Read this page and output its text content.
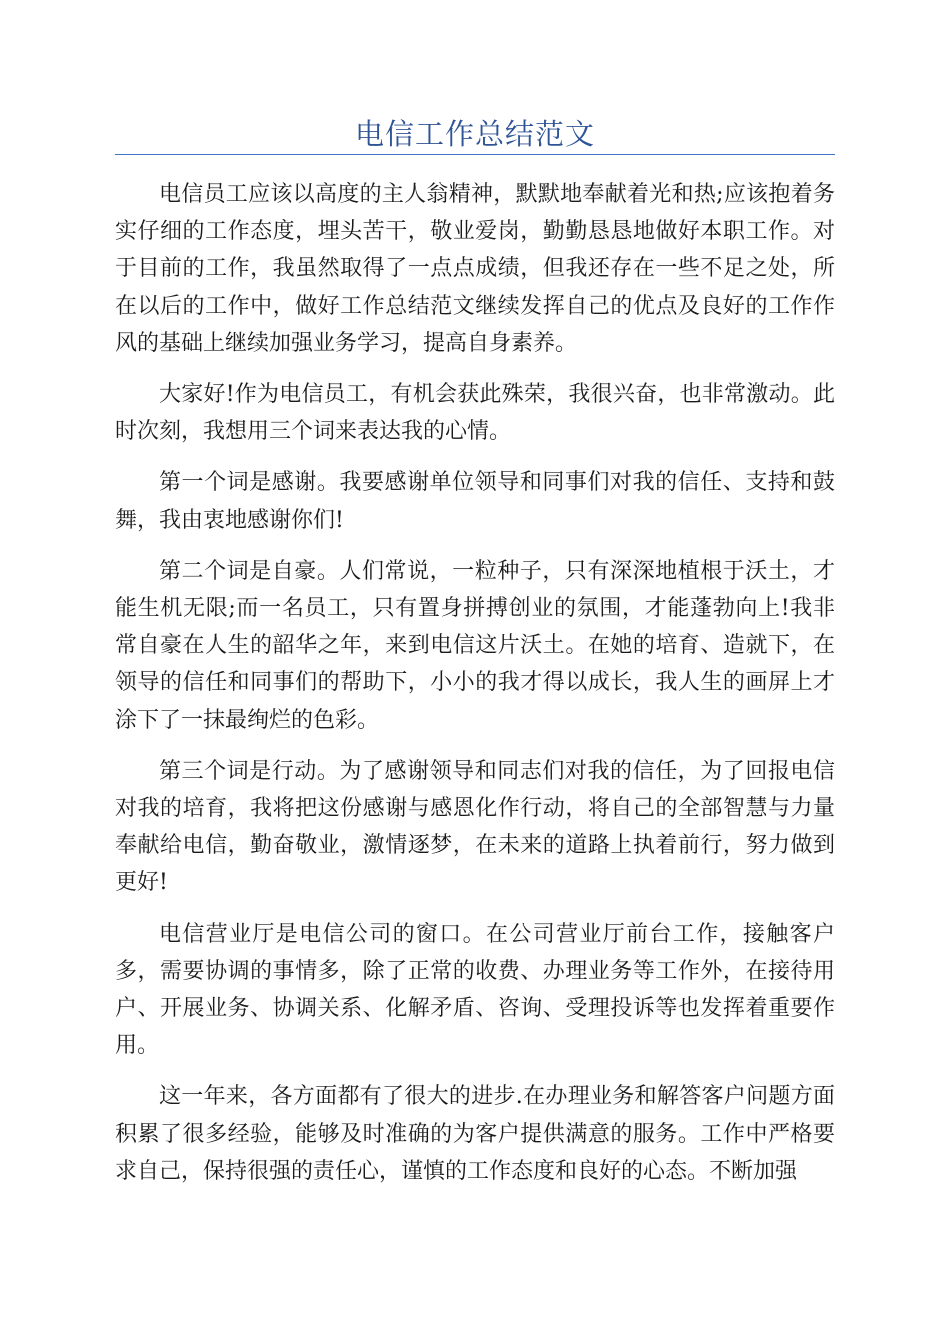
电信工作总结范文

电信员工应该以高度的主人翁精神，默默地奉献着光和热;应该抱着务实仔细的工作态度，埋头苦干，敬业爱岗，勤勤恳恳地做好本职工作。对于目前的工作，我虽然取得了一点点成绩，但我还存在一些不足之处，所在以后的工作中，做好工作总结范文继续发挥自己的优点及良好的工作作风的基础上继续加强业务学习，提高自身素养。

大家好!作为电信员工，有机会获此殊荣，我很兴奋，也非常激动。此时次刻，我想用三个词来表达我的心情。

第一个词是感谢。我要感谢单位领导和同事们对我的信任、支持和鼓舞，我由衷地感谢你们!

第二个词是自豪。人们常说，一粒种子，只有深深地植根于沃土，才能生机无限;而一名员工，只有置身拼搏创业的氛围，才能蓬勃向上!我非常自豪在人生的韶华之年，来到电信这片沃土。在她的培育、造就下，在领导的信任和同事们的帮助下，小小的我才得以成长，我人生的画屏上才涂下了一抹最绚烂的色彩。

第三个词是行动。为了感谢领导和同志们对我的信任，为了回报电信对我的培育，我将把这份感谢与感恩化作行动，将自己的全部智慧与力量奉献给电信，勤奋敬业，激情逐梦，在未来的道路上执着前行，努力做到更好!

电信营业厅是电信公司的窗口。在公司营业厅前台工作，接触客户多，需要协调的事情多，除了正常的收费、办理业务等工作外，在接待用户、开展业务、协调关系、化解矛盾、咨询、受理投诉等也发挥着重要作用。

这一年来，各方面都有了很大的进步.在办理业务和解答客户问题方面积累了很多经验，能够及时准确的为客户提供满意的服务。工作中严格要求自己，保持很强的责任心，谨慎的工作态度和良好的心态。不断加强
